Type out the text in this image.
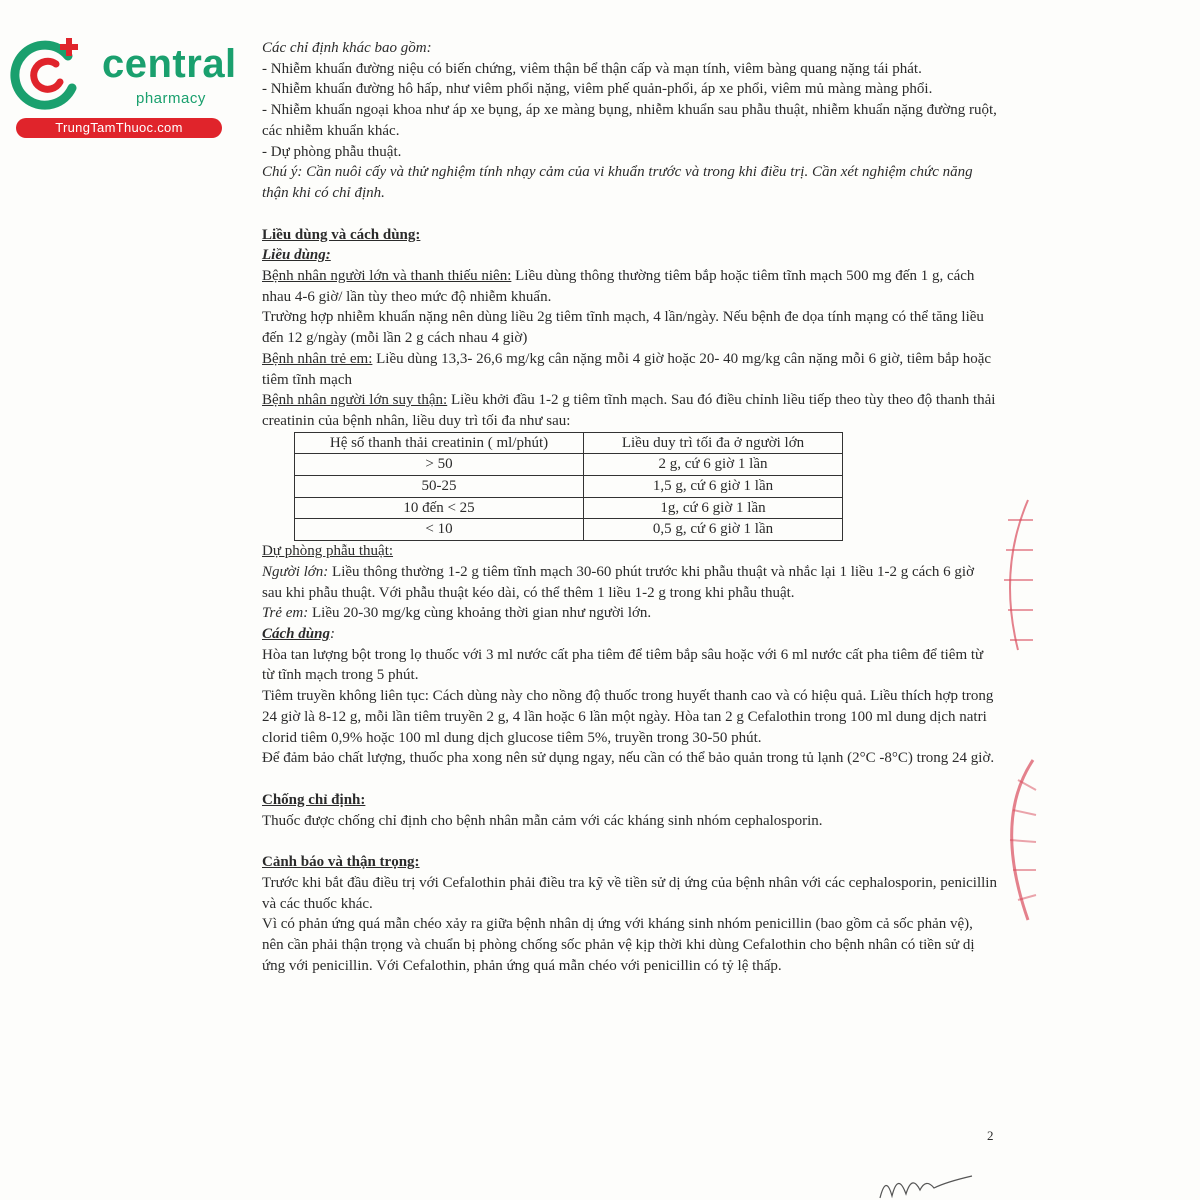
central
pharmacy
TrungTamThuoc.com

Các chỉ định khác bao gồm:

- Nhiễm khuẩn đường niệu có biến chứng, viêm thận bể thận cấp và mạn tính, viêm bàng quang nặng tái phát.

- Nhiễm khuẩn đường hô hấp, như viêm phổi nặng, viêm phế quản-phổi, áp xe phổi, viêm mủ màng màng phổi.

- Nhiễm khuẩn ngoại khoa như áp xe bụng, áp xe màng bụng, nhiễm khuẩn sau phẫu thuật, nhiễm khuẩn nặng đường ruột, các nhiễm khuẩn khác.

- Dự phòng phẫu thuật.

Chú ý: Cần nuôi cấy và thử nghiệm tính nhạy cảm của vi khuẩn trước và trong khi điều trị. Cần xét nghiệm chức năng thận khi có chỉ định.

Liều dùng và cách dùng:

Liều dùng:

Bệnh nhân người lớn và thanh thiếu niên: Liều dùng thông thường tiêm bắp hoặc tiêm tĩnh mạch 500 mg đến 1 g, cách nhau 4-6 giờ/ lần tùy theo mức độ nhiễm khuẩn.

Trường hợp nhiễm khuẩn nặng nên dùng liều 2g tiêm tĩnh mạch, 4 lần/ngày. Nếu bệnh đe dọa tính mạng có thể tăng liều đến 12 g/ngày (mỗi lần 2 g cách nhau 4 giờ)

Bệnh nhân trẻ em: Liều dùng 13,3- 26,6 mg/kg cân nặng mỗi 4 giờ hoặc 20- 40 mg/kg cân nặng mỗi 6 giờ, tiêm bắp hoặc tiêm tĩnh mạch

Bệnh nhân người lớn suy thận: Liều khởi đầu 1-2 g tiêm tĩnh mạch. Sau đó điều chỉnh liều tiếp theo tùy theo độ thanh thải creatinin của bệnh nhân, liều duy trì tối đa như sau:

Hệ số thanh thải creatinin ( ml/phút)	Liều duy trì tối đa ở người lớn
> 50	2 g, cứ 6 giờ 1 lần
50-25	1,5 g, cứ 6 giờ 1 lần
10 đến < 25	1g, cứ 6 giờ 1 lần
< 10	0,5 g, cứ 6 giờ 1 lần

Dự phòng phẫu thuật:

Người lớn: Liều thông thường 1-2 g tiêm tĩnh mạch 30-60 phút trước khi phẫu thuật và nhắc lại 1 liều 1-2 g cách 6 giờ sau khi phẫu thuật. Với phẫu thuật kéo dài, có thể thêm 1 liều 1-2 g trong khi phẫu thuật.

Trẻ em: Liều 20-30 mg/kg cùng khoảng thời gian như người lớn.

Cách dùng:

Hòa tan lượng bột trong lọ thuốc với 3 ml nước cất pha tiêm để tiêm bắp sâu hoặc với 6 ml nước cất pha tiêm để tiêm từ từ tĩnh mạch trong 5 phút.

Tiêm truyền không liên tục: Cách dùng này cho nồng độ thuốc trong huyết thanh cao và có hiệu quả. Liều thích hợp trong 24 giờ là 8-12 g, mỗi lần tiêm truyền 2 g, 4 lần hoặc 6 lần một ngày. Hòa tan 2 g Cefalothin trong 100 ml dung dịch natri clorid tiêm 0,9% hoặc 100 ml dung dịch glucose tiêm 5%, truyền trong 30-50 phút.

Để đảm bảo chất lượng, thuốc pha xong nên sử dụng ngay, nếu cần có thể bảo quản trong tủ lạnh (2°C -8°C) trong 24 giờ.

Chống chỉ định:

Thuốc được chống chỉ định cho bệnh nhân mẫn cảm với các kháng sinh nhóm cephalosporin.

Cảnh báo và thận trọng:

Trước khi bắt đầu điều trị với Cefalothin phải điều tra kỹ về tiền sử dị ứng của bệnh nhân với các cephalosporin, penicillin và các thuốc khác.

Vì có phản ứng quá mẫn chéo xảy ra giữa bệnh nhân dị ứng với kháng sinh nhóm penicillin (bao gồm cả sốc phản vệ), nên cần phải thận trọng và chuẩn bị phòng chống sốc phản vệ kịp thời khi dùng Cefalothin cho bệnh nhân có tiền sử dị ứng với penicillin. Với Cefalothin, phản ứng quá mẫn chéo với penicillin có tỷ lệ thấp.

2
